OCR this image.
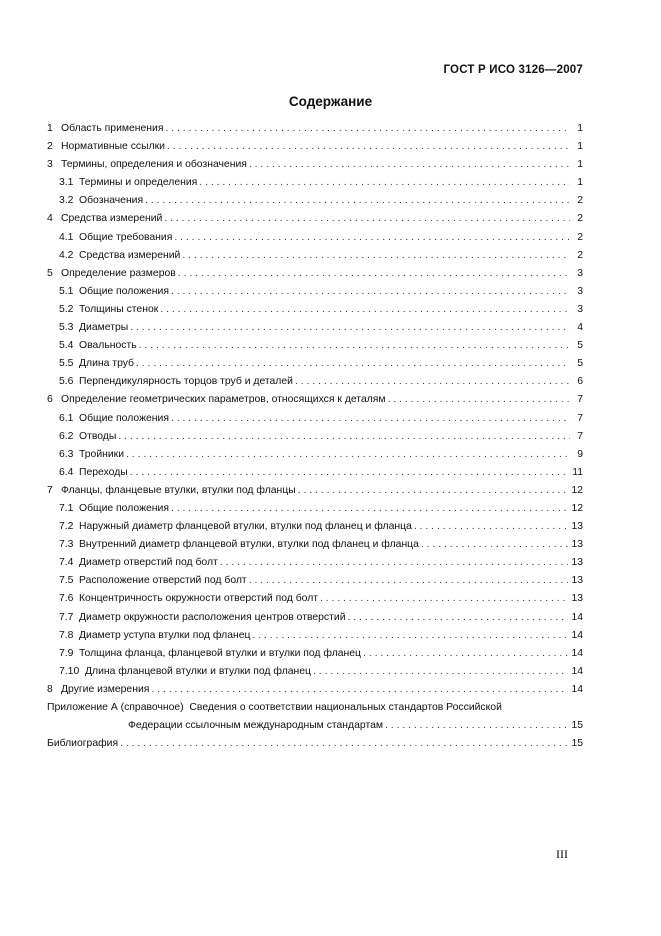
ГОСТ Р ИСО 3126—2007
Содержание
1 Область применения . . .	1
2 Нормативные ссылки . . .	1
3 Термины, определения и обозначения . . .	1
3.1 Термины и определения . . .	1
3.2 Обозначения . . .	2
4 Средства измерений . . .	2
4.1 Общие требования . . .	2
4.2 Средства измерений . . .	2
5 Определение размеров . . .	3
5.1 Общие положения . . .	3
5.2 Толщины стенок . . .	3
5.3 Диаметры . . .	4
5.4 Овальность . . .	5
5.5 Длина труб . . .	5
5.6 Перпендикулярность торцов труб и деталей . . .	6
6 Определение геометрических параметров, относящихся к деталям . . .	7
6.1 Общие положения . . .	7
6.2 Отводы . . .	7
6.3 Тройники . . .	9
6.4 Переходы . . .	11
7 Фланцы, фланцевые втулки, втулки под фланцы . . .	12
7.1 Общие положения . . .	12
7.2 Наружный диаметр фланцевой втулки, втулки под фланец и фланца . . .	13
7.3 Внутренний диаметр фланцевой втулки, втулки под фланец и фланца . . .	13
7.4 Диаметр отверстий под болт . . .	13
7.5 Расположение отверстий под болт . . .	13
7.6 Концентричность окружности отверстий под болт . . .	13
7.7 Диаметр окружности расположения центров отверстий . . .	14
7.8 Диаметр уступа втулки под фланец . . .	14
7.9 Толщина фланца, фланцевой втулки и втулки под фланец . . .	14
7.10 Длина фланцевой втулки и втулки под фланец . . .	14
8 Другие измерения . . .	14
Приложение А (справочное) Сведения о соответствии национальных стандартов Российской
Федерации ссылочным международным стандартам . . .	15
Библиография . . .	15
III
